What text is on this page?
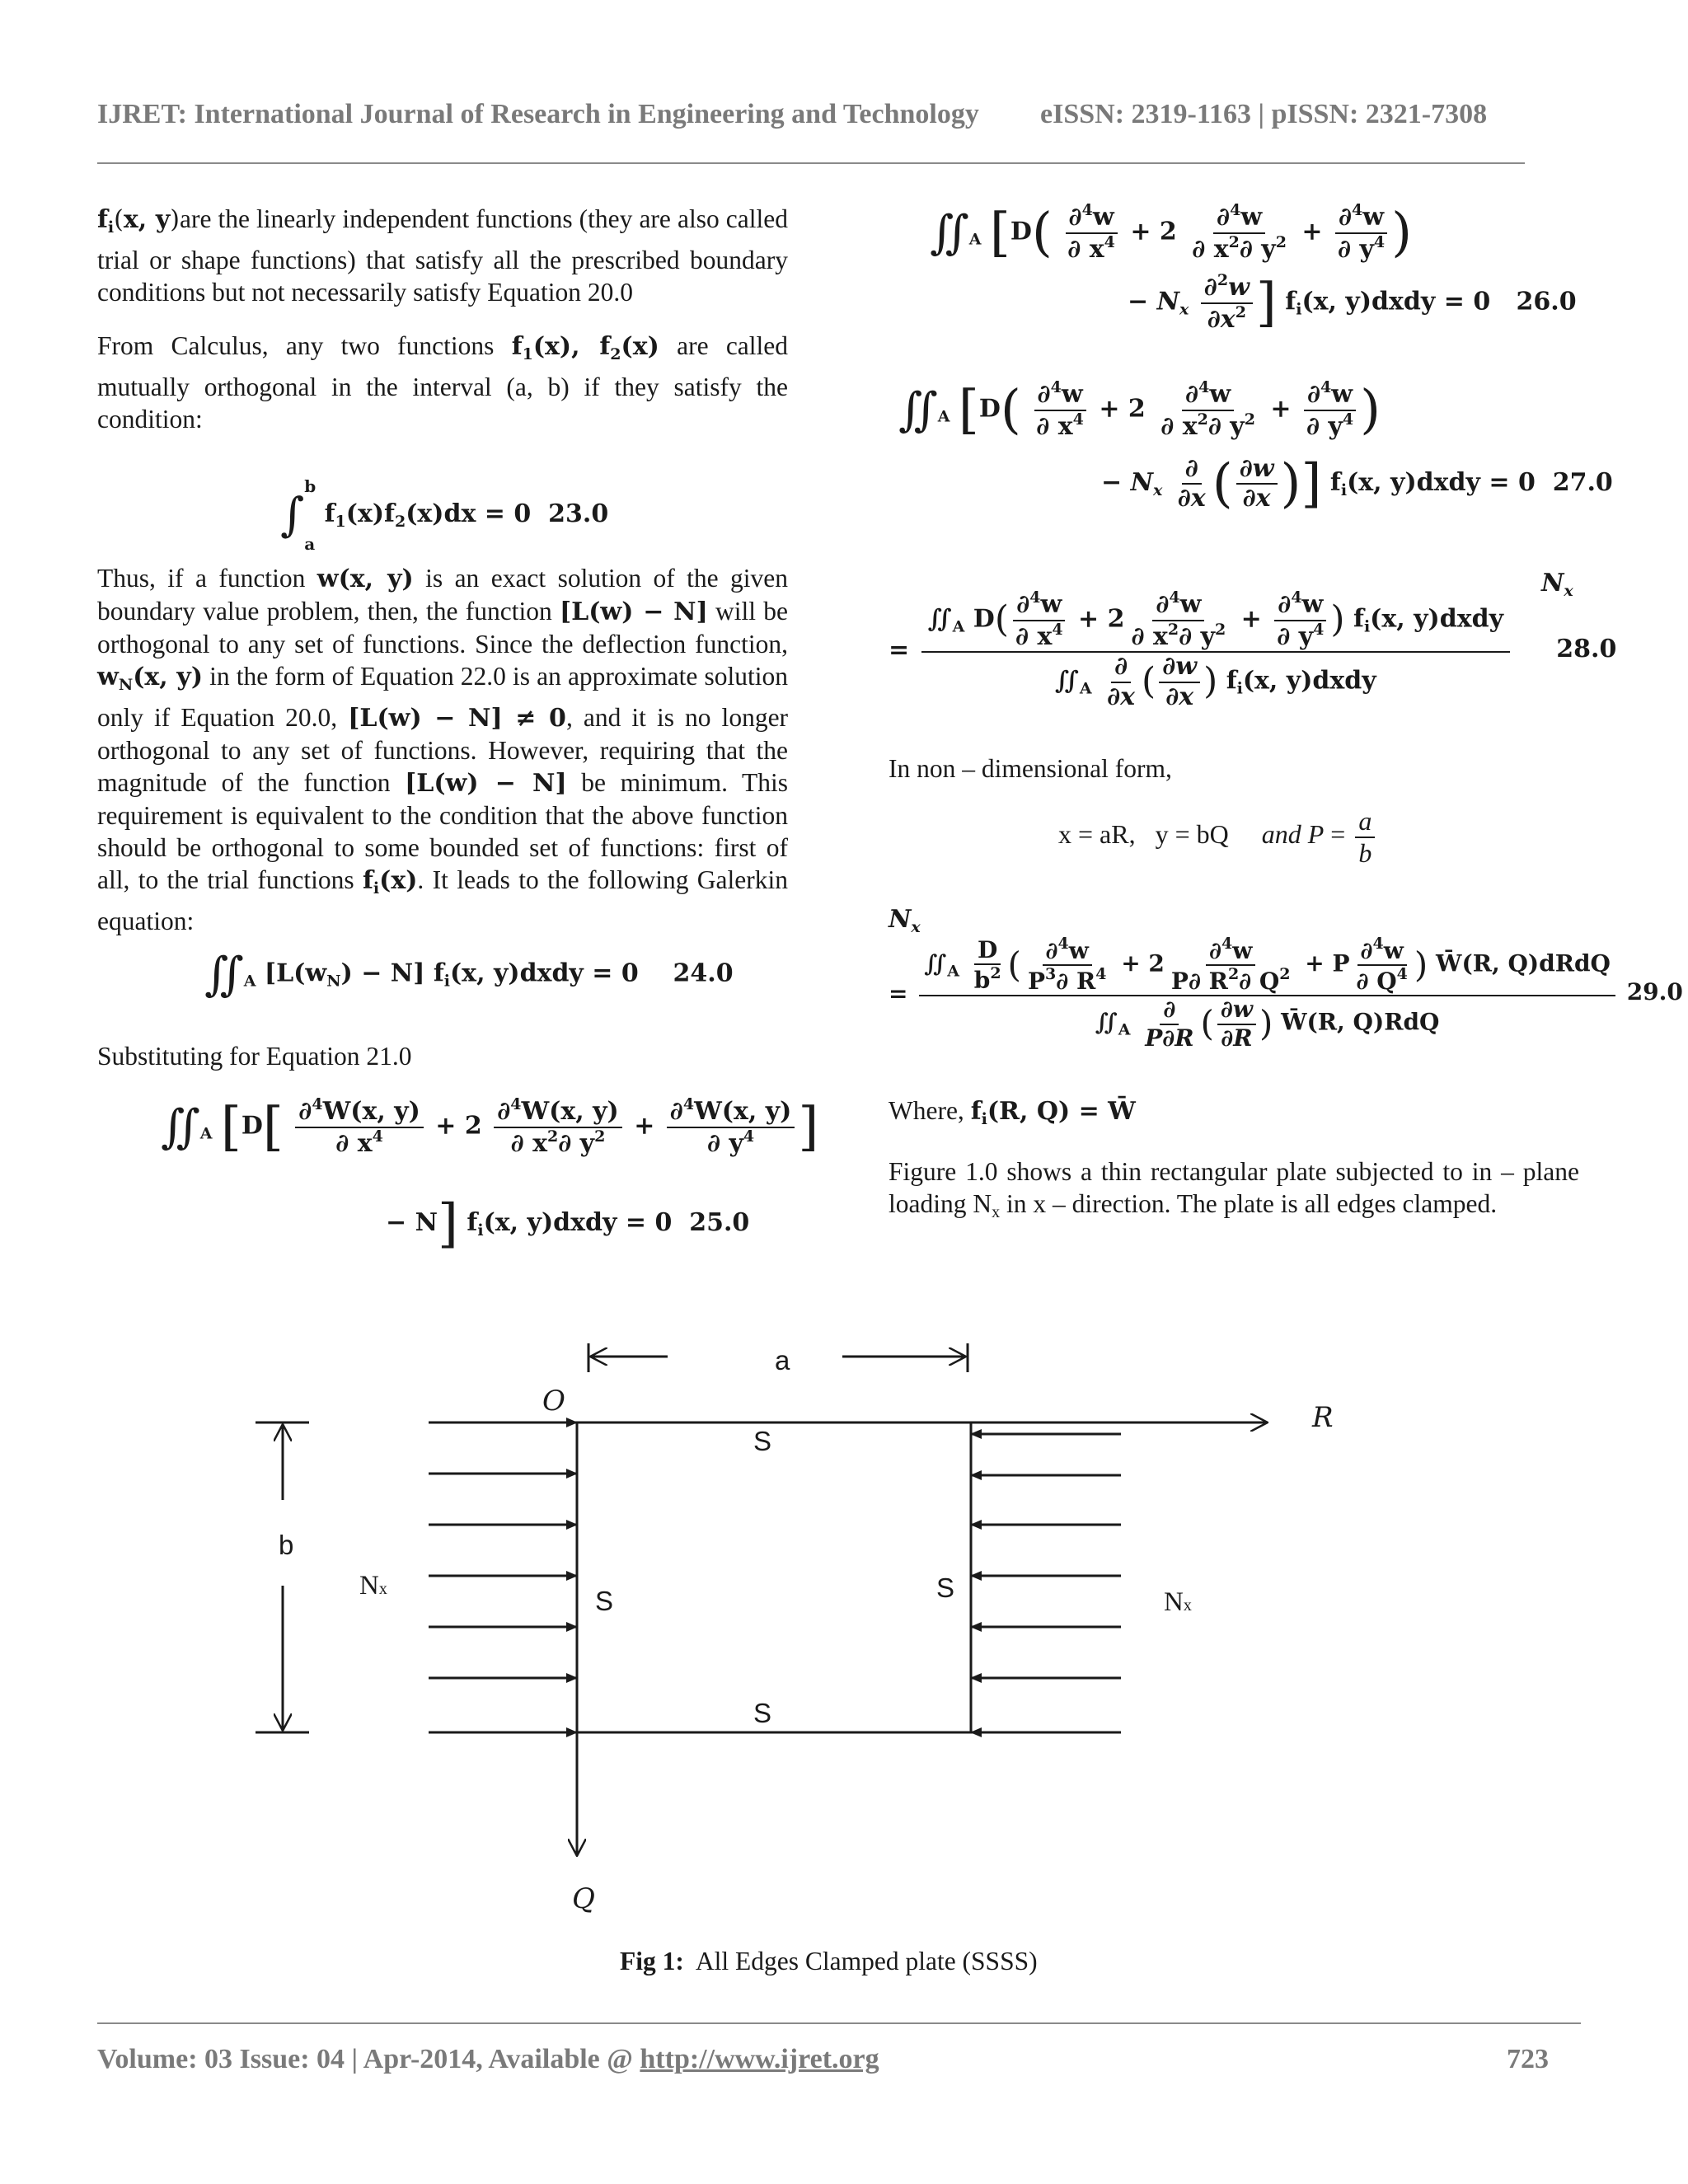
IJRET: International Journal of Research in Engineering and Technology eISSN: 2319-1163 | pISSN: 2321-7308
$f_i(x$, y)are the linearly independent functions (they are also called trial or shape functions) that satisfy all the prescribed boundary conditions but not necessarily satisfy Equation 20.0
From Calculus, any two functions $f_1(x)$, $f_2(x)$ are called mutually orthogonal in the interval (a, b) if they satisfy the condition:
∫
b
a
$f_1(x)f_2(x)dx = 0$  23.0
Thus, if a function w(x, y) is an exact solution of the given boundary value problem, then, the function [L(w) − N] will be orthogonal to any set of functions. Since the deflection function, $w_N(x$, y) in the form of Equation 22.0 is an approximate solution only if Equation 20.0, [L(w) − N] ≠ 0, and it is no longer orthogonal to any set of functions. However, requiring that the magnitude of the function [L(w) − N] be minimum. This requirement is equivalent to the condition that the above function should be orthogonal to some bounded set of functions: first of all, to the trial functions $f_i(x)$. It leads to the following Galerkin equation:
$∬_A$ $[L(w_N) - N]$ $f_i(x$, y)dxdy = 0    24.0
Substituting for Equation 21.0
$∬_A$ [$D[ \frac{\partial^4W(x, y)}{\partial x^4} + 2 \frac{\partial^4W(x, y)}{\partial x^2\partial y^2} + \frac{\partial^4W(x, y)}{\partial y^4}$ ]
− N] $f_i(x$, y)dxdy = 0  25.0
$∬_A$ [$D( \frac{\partial^4w}{\partial x^4} + 2 \frac{\partial^4w}{\partial x^2\partial y^2} + \frac{\partial^4w}{\partial y^4}$ )
− $N_x \frac{\partial^2w}{\partial x^2}$ ] $f_i(x$, y)dxdy = 0   26.0
$∬_A$ [$D( \frac{\partial^4w}{\partial x^4} + 2 \frac{\partial^4w}{\partial x^2\partial y^2} + \frac{\partial^4w}{\partial y^4}$ )
− $N_x \frac{\partial}{\partial x}$ ( $\frac{\partial w}{\partial x}$ )] $f_i(x$, y)dxdy = 0  27.0
$N_x$
= $\frac{∬_A D( \frac{\partial^4w}{\partial x^4} + 2 \frac{\partial^4w}{\partial x^2\partial y^2} + \frac{\partial^4w}{\partial y^4} ) f_i(x, y)dxdy}{∬_A \frac{\partial}{\partial x} ( \frac{\partial w}{\partial x} ) f_i(x, y)dxdy} 28.0$
In non – dimensional form,
x = aR,   y = bQ     and $P = \frac{a}{b}$
$N_x$
= $\frac{∬_A \frac{D}{b^2} ( \frac{\partial^4w}{P^3\partial R^4} + 2 \frac{\partial^4w}{P\partial R^2\partial Q^2} + P \frac{\partial^4w}{\partial Q^4} ) W̄(R, Q)dRdQ}{∬_A \frac{\partial}{P\partial R} ( \frac{\partial w}{\partial R} ) W̄(R, Q)RdQ} 29.0$
Where, $f_i(R$, Q) = W̄
Figure 1.0 shows a thin rectangular plate subjected to in – plane loading $N_x$ in x – direction. The plate is all edges clamped.
a
b
O	R
Q
S
S	S
S
Nx	Nx
Fig 1: All Edges Clamped plate (SSSS)
Volume: 03 Issue: 04 | Apr-2014, Available @ http://www.ijret.org	723
